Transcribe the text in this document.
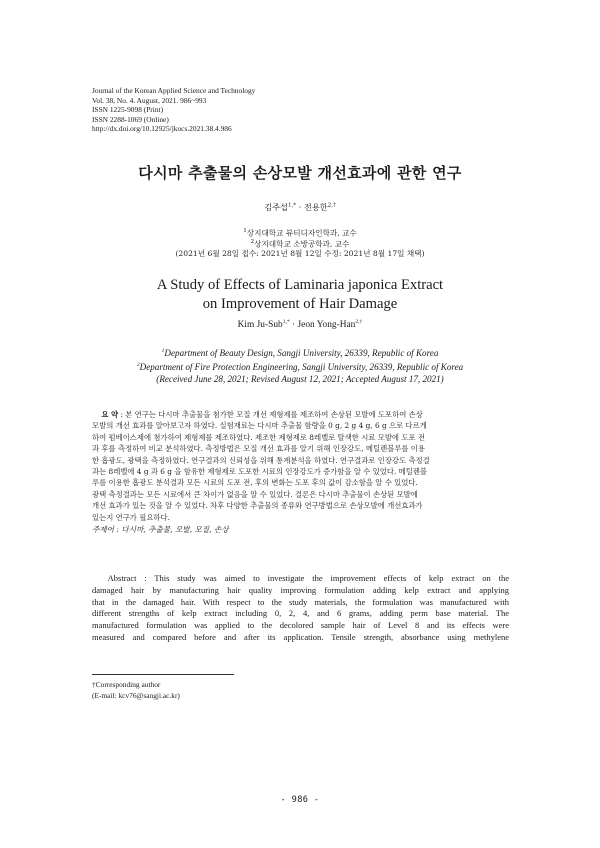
Journal of the Korean Applied Science and Technology
Vol. 38, No. 4. August, 2021. 986~993
ISSN 1225-9098 (Print)
ISSN 2288-1069 (Online)
http://dx.doi.org/10.12925/jkocs.2021.38.4.986
다시마 추출물의 손상모발 개선효과에 관한 연구
김주섭$^{1,*}$ · 전용한$^{2,\dagger}$
$^1$상지대학교 뷰티디자인학과, 교수
$^2$상지대학교 소방공학과, 교수
(2021년 6월 28일 접수: 2021년 8월 12일 수정: 2021년 8월 17일 채택)
A Study of Effects of Laminaria japonica Extract
on Improvement of Hair Damage
Kim Ju-Sub$^{1,*}$ · Jeon Yong-Han$^{2,\dagger}$
$^1$Department of Beauty Design, Sangji University, 26339, Republic of Korea
$^2$Department of Fire Protection Engineering, Sangji University, 26339, Republic of Korea
(Received June 28, 2021; Revised August 12, 2021; Accepted August 17, 2021)
요 약 : 본 연구는 다시마 추출물을 첨가한 모질 개선 제형제를 제조하여 손상된 모발에 도포하여 손상
모발의 개선 효과를 알아보고자 하였다. 실험재료는 다시마 추출물 함량을 0 g, 2 g 4 g, 6 g 으로 다르게
하여 펌베이스제에 첨가하여 제형제를 제조하였다. 제조한 제형제로 8레벨로 탈색한 시료 모발에 도포 전
과 후를 측정하여 비교 분석하였다. 측정방법은 모질 개선 효과를 알기 위해 인장강도, 메틸렌블루를 이용
한 흡광도, 광택을 측정하였다. 연구결과의 신뢰성을 위해 통계분석을 하였다. 연구결과로 인장강도 측정결
과는 8레벨에 4 g 과 6 g 을 함유한 제형제로 도포한 시료의 인장강도가 증가함을 알 수 있었다. 메틸렌블
루를 이용한 흡광도 분석결과 모든 시료의 도포 전, 후의 변화는 도포 후의 값이 감소함을 알 수 있었다.
광택 측정결과는 모든 시료에서 큰 차이가 없음을 알 수 있었다. 결론은 다시마 추출물이 손상된 모발에
개선 효과가 있는 것을 알 수 있었다. 차후 다양한 추출물의 종류와 연구방법으로 손상모발에 개선효과가
있는지 연구가 필요하다.
주제어 : 다시마, 추출물, 모발, 모질, 손상
Abstract : This study was aimed to investigate the improvement effects of kelp extract on the
damaged hair by manufacturing hair quality improving formulation adding kelp extract and applying
that in the damaged hair. With respect to the study materials, the formulation was manufactured with
different strengths of kelp extract including 0, 2, 4, and 6 grams, adding perm base material. The
manufactured formulation was applied to the decolored sample hair of Level 8 and its effects were
measured and compared before and after its application. Tensile strength, absorbance using methylene
†Corresponding author
(E-mail: kcv76@sangji.ac.kr)
- 986 -
